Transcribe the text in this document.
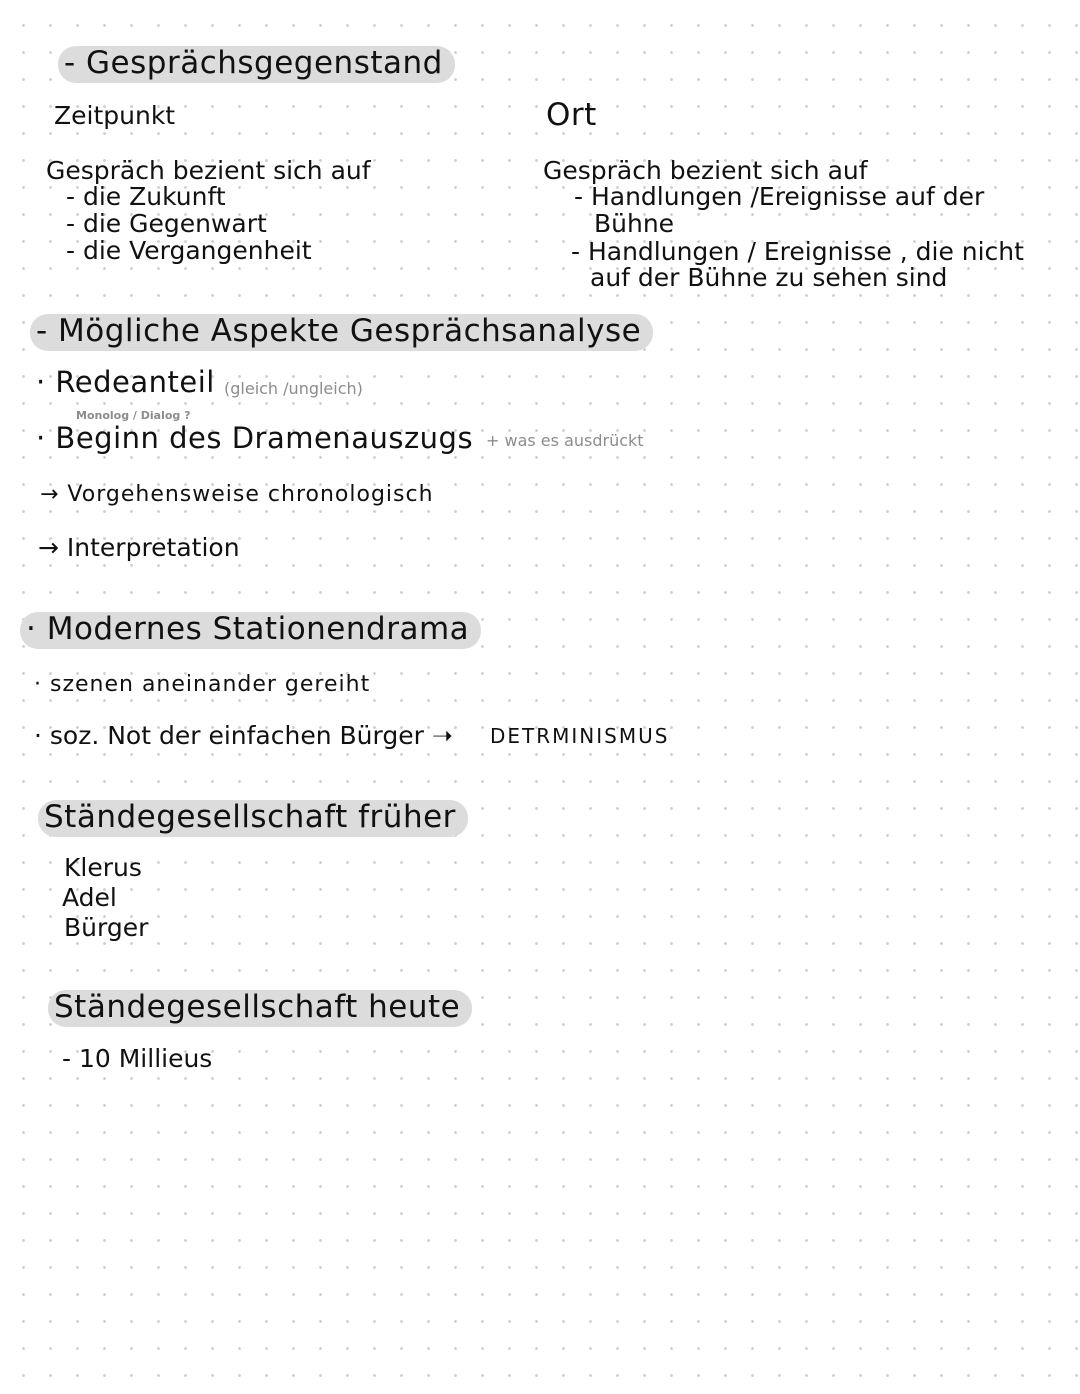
- Gesprächsgegenstand
Zeitpunkt
Gespräch bezient sich auf
- die Zukunft
- die Gegenwart
- die Vergangenheit
Ort
Gespräch bezient sich auf
- Handlungen /Ereignisse auf der
Bühne
- Handlungen / Ereignisse , die nicht
auf der Bühne zu sehen sind
- Mögliche Aspekte Gesprächsanalyse
· Redeanteil (gleich /ungleich)
Monolog / Dialog ?
· Beginn des Dramenauszugs + was es ausdrückt
→ Vorgehensweise chronologisch
→ Interpretation
· Modernes Stationendrama
· szenen aneinander gereiht
· soz. Not der einfachen Bürger ➝ DETRMINISMUS
Ständegesellschaft früher
Klerus
Adel
Bürger
Ständegesellschaft heute
- 10 Millieus
